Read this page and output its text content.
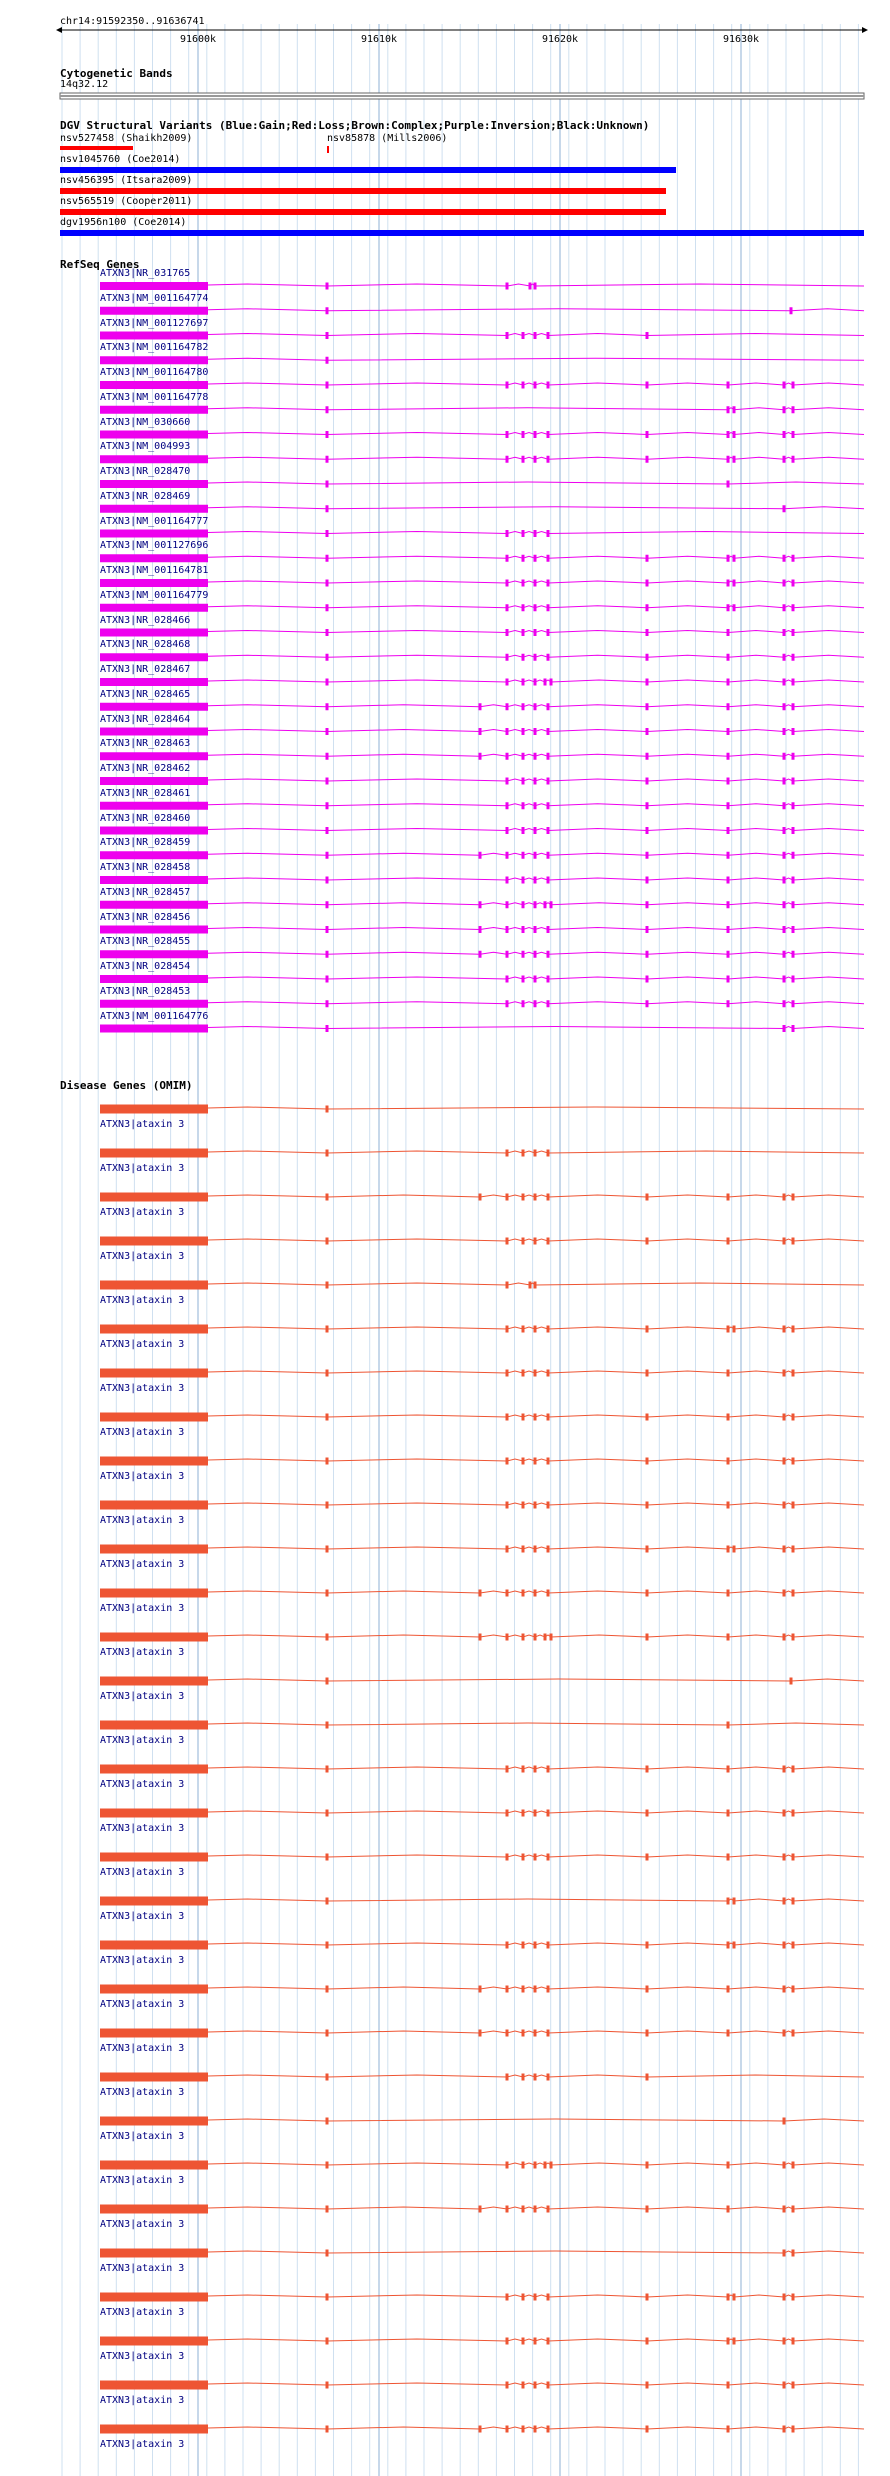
chr14:91592350..91636741
91600k	91610k	91620k	91630k
Cytogenetic Bands
14q32.12
DGV Structural Variants (Blue:Gain;Red:Loss;Brown:Complex;Purple:Inversion;Black:Unknown)
nsv527458 (Shaikh2009)	nsv85878 (Mills2006)
nsv1045760 (Coe2014)
nsv456395 (Itsara2009)
nsv565519 (Cooper2011)
dgv1956n100 (Coe2014)
RefSeq Genes
ATXN3|NR_031765
ATXN3|NM_001164774
ATXN3|NM_001127697
ATXN3|NM_001164782
ATXN3|NM_001164780
ATXN3|NM_001164778
ATXN3|NM_030660
ATXN3|NM_004993
ATXN3|NR_028470
ATXN3|NR_028469
ATXN3|NM_001164777
ATXN3|NM_001127696
ATXN3|NM_001164781
ATXN3|NM_001164779
ATXN3|NR_028466
ATXN3|NR_028468
ATXN3|NR_028467
ATXN3|NR_028465
ATXN3|NR_028464
ATXN3|NR_028463
ATXN3|NR_028462
ATXN3|NR_028461
ATXN3|NR_028460
ATXN3|NR_028459
ATXN3|NR_028458
ATXN3|NR_028457
ATXN3|NR_028456
ATXN3|NR_028455
ATXN3|NR_028454
ATXN3|NR_028453
ATXN3|NM_001164776
Disease Genes (OMIM)
ATXN3|ataxin 3
ATXN3|ataxin 3
ATXN3|ataxin 3
ATXN3|ataxin 3
ATXN3|ataxin 3
ATXN3|ataxin 3
ATXN3|ataxin 3
ATXN3|ataxin 3
ATXN3|ataxin 3
ATXN3|ataxin 3
ATXN3|ataxin 3
ATXN3|ataxin 3
ATXN3|ataxin 3
ATXN3|ataxin 3
ATXN3|ataxin 3
ATXN3|ataxin 3
ATXN3|ataxin 3
ATXN3|ataxin 3
ATXN3|ataxin 3
ATXN3|ataxin 3
ATXN3|ataxin 3
ATXN3|ataxin 3
ATXN3|ataxin 3
ATXN3|ataxin 3
ATXN3|ataxin 3
ATXN3|ataxin 3
ATXN3|ataxin 3
ATXN3|ataxin 3
ATXN3|ataxin 3
ATXN3|ataxin 3
ATXN3|ataxin 3
